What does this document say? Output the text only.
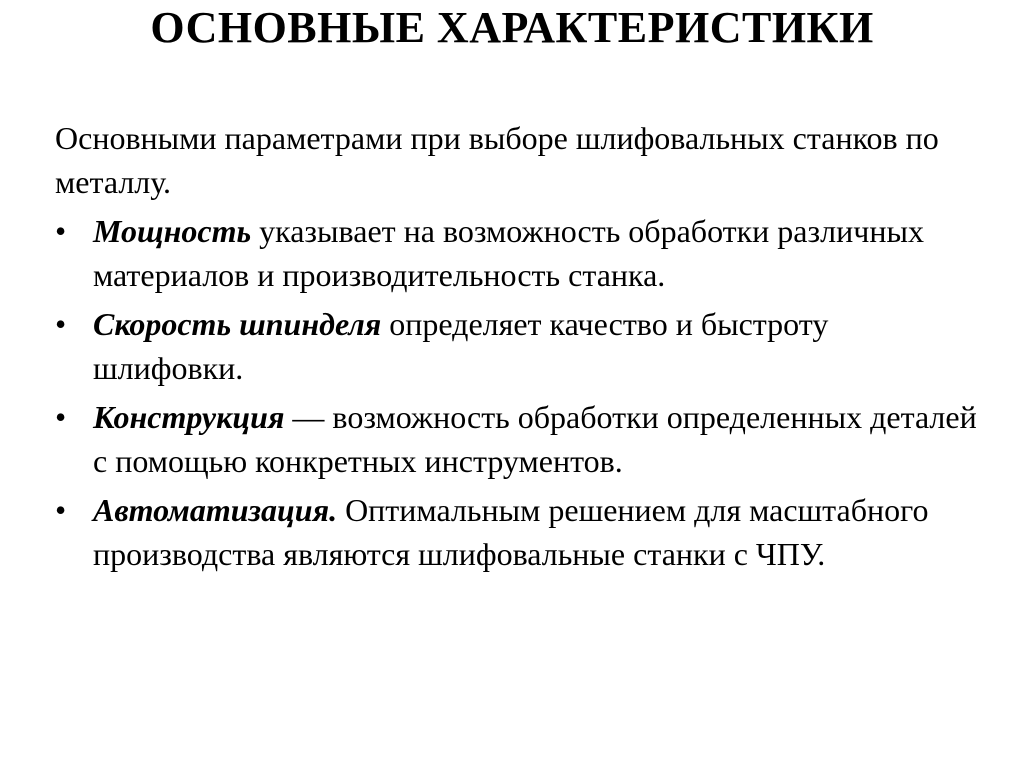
ОСНОВНЫЕ ХАРАКТЕРИСТИКИ

Основными параметрами при выборе шлифовальных станков по металлу.

• Мощность указывает на возможность обработки различных материалов и производительность станка.
• Скорость шпинделя определяет качество и быстроту шлифовки.
• Конструкция — возможность обработки определенных деталей с помощью конкретных инструментов.
• Автоматизация. Оптимальным решением для масштабного производства являются шлифовальные станки с ЧПУ.
